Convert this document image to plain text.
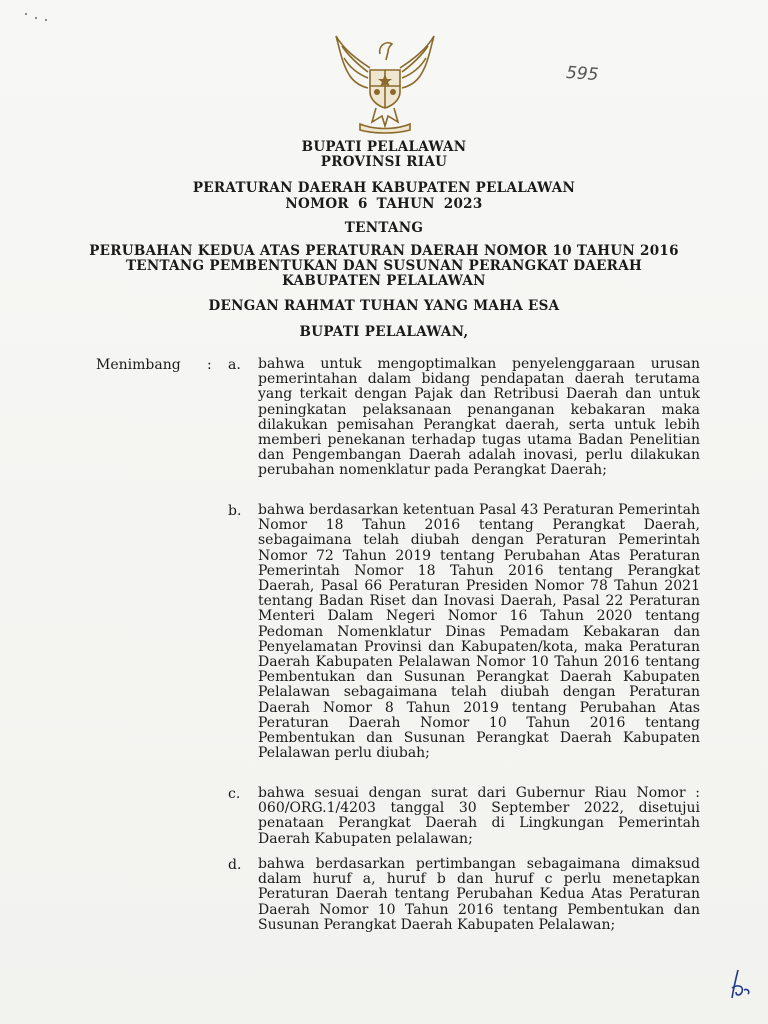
595
BUPATI PELALAWAN
PROVINSI RIAU
PERATURAN DAERAH KABUPATEN PELALAWAN
NOMOR 6 TAHUN 2023
TENTANG
PERUBAHAN KEDUA ATAS PERATURAN DAERAH NOMOR 10 TAHUN 2016
TENTANG PEMBENTUKAN DAN SUSUNAN PERANGKAT DAERAH
KABUPATEN PELALAWAN
DENGAN RAHMAT TUHAN YANG MAHA ESA
BUPATI PELALAWAN,
Menimbang : a. bahwa untuk mengoptimalkan penyelenggaraan urusan pemerintahan dalam bidang pendapatan daerah terutama yang terkait dengan Pajak dan Retribusi Daerah dan untuk peningkatan pelaksanaan penanganan kebakaran maka dilakukan pemisahan Perangkat daerah, serta untuk lebih memberi penekanan terhadap tugas utama Badan Penelitian dan Pengembangan Daerah adalah inovasi, perlu dilakukan perubahan nomenklatur pada Perangkat Daerah;
b. bahwa berdasarkan ketentuan Pasal 43 Peraturan Pemerintah Nomor 18 Tahun 2016 tentang Perangkat Daerah, sebagaimana telah diubah dengan Peraturan Pemerintah Nomor 72 Tahun 2019 tentang Perubahan Atas Peraturan Pemerintah Nomor 18 Tahun 2016 tentang Perangkat Daerah, Pasal 66 Peraturan Presiden Nomor 78 Tahun 2021 tentang Badan Riset dan Inovasi Daerah, Pasal 22 Peraturan Menteri Dalam Negeri Nomor 16 Tahun 2020 tentang Pedoman Nomenklatur Dinas Pemadam Kebakaran dan Penyelamatan Provinsi dan Kabupaten/kota, maka Peraturan Daerah Kabupaten Pelalawan Nomor 10 Tahun 2016 tentang Pembentukan dan Susunan Perangkat Daerah Kabupaten Pelalawan sebagaimana telah diubah dengan Peraturan Daerah Nomor 8 Tahun 2019 tentang Perubahan Atas Peraturan Daerah Nomor 10 Tahun 2016 tentang Pembentukan dan Susunan Perangkat Daerah Kabupaten Pelalawan perlu diubah;
c. bahwa sesuai dengan surat dari Gubernur Riau Nomor : 060/ORG.1/4203 tanggal 30 September 2022, disetujui penataan Perangkat Daerah di Lingkungan Pemerintah Daerah Kabupaten pelalawan;
d. bahwa berdasarkan pertimbangan sebagaimana dimaksud dalam huruf a, huruf b dan huruf c perlu menetapkan Peraturan Daerah tentang Perubahan Kedua Atas Peraturan Daerah Nomor 10 Tahun 2016 tentang Pembentukan dan Susunan Perangkat Daerah Kabupaten Pelalawan;
